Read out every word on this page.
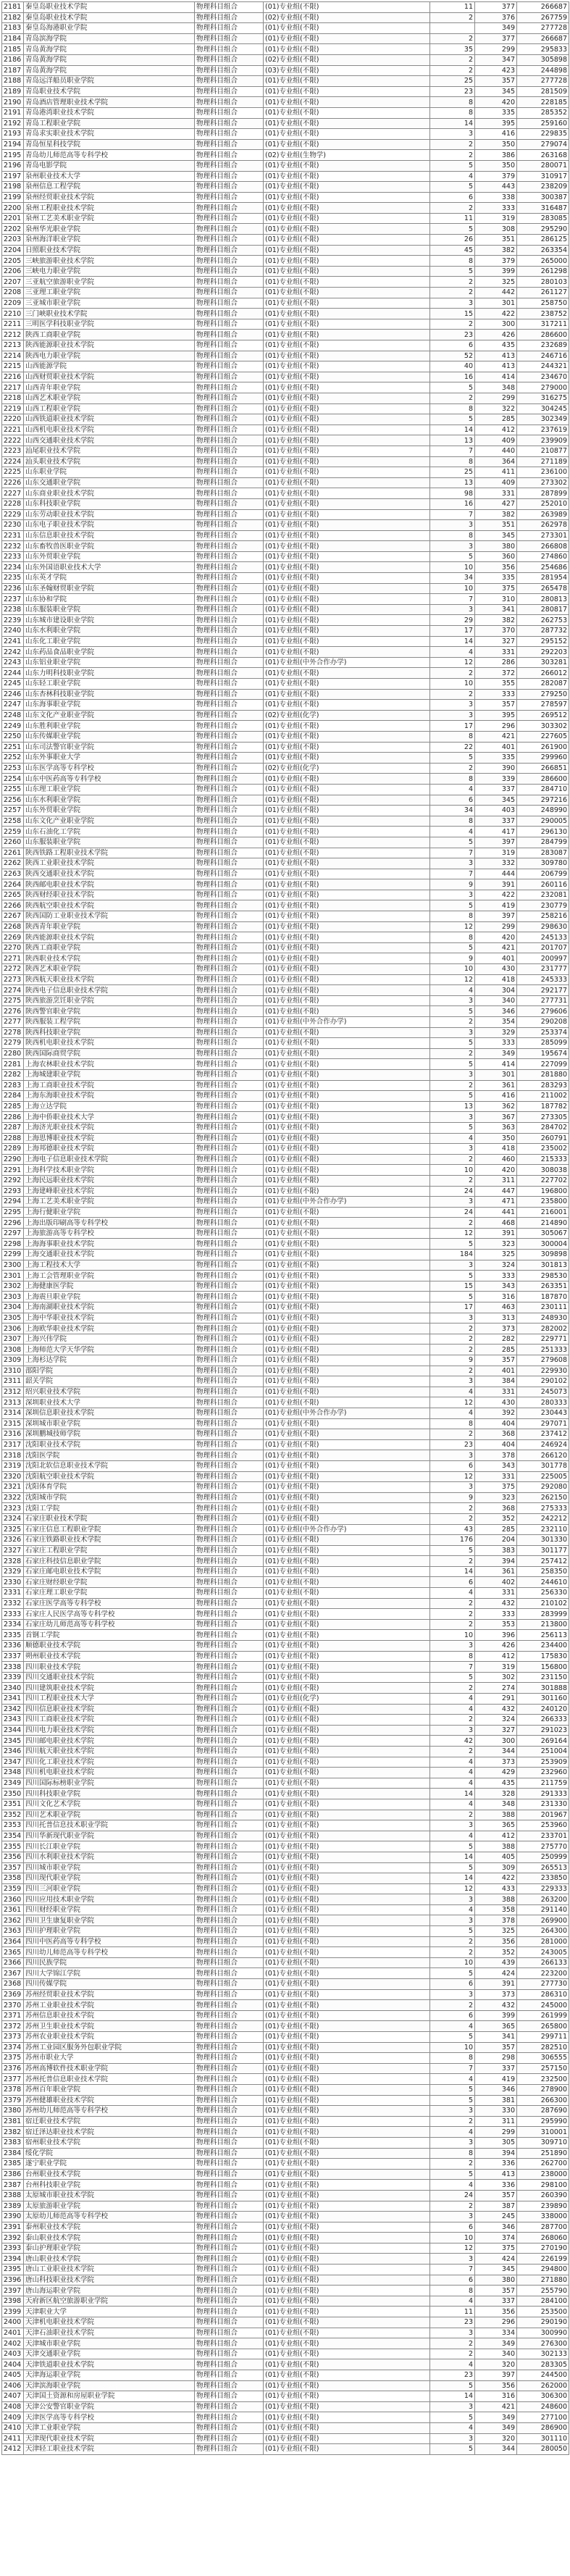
2181	秦皇岛职业技术学院	物理科目组合	(01)专业组(不限)	11	377	266687
2182	秦皇岛职业技术学院	物理科目组合	(02)专业组(不限)	2	376	267759
2183	秦皇岛海港职业学院	物理科目组合	(01)专业组(不限)		349	277728
2184	青岛滨海学院	物理科目组合	(01)专业组(不限)	2	377	266687
2185	青岛黄海学院	物理科目组合	(01)专业组(不限)	35	299	295833
2186	青岛黄海学院	物理科目组合	(02)专业组(不限)	2	347	305898
2187	青岛黄海学院	物理科目组合	(03)专业组(不限)	2	423	244898
2188	青岛远洋船员职业学院	物理科目组合	(01)专业组(不限)	25	357	277728
2189	青岛职业技术学院	物理科目组合	(01)专业组(不限)	23	345	281509
2190	青岛酒店管理职业技术学院	物理科目组合	(01)专业组(不限)	8	420	228185
2191	青岛港湾职业技术学院	物理科目组合	(01)专业组(不限)	8	335	285352
2192	青岛工程职业学院	物理科目组合	(01)专业组(不限)	14	395	259160
2193	青岛求实职业技术学院	物理科目组合	(01)专业组(不限)	3	416	229835
2194	青岛恒星科技学院	物理科目组合	(01)专业组(不限)	2	350	279074
2195	青岛幼儿师范高等专科学校	物理科目组合	(02)专业组(生物学)	2	386	263168
2196	青岛电影学院	物理科目组合	(01)专业组(不限)	5	350	280071
2197	泉州职业技术大学	物理科目组合	(01)专业组(不限)	4	379	310917
2198	泉州信息工程学院	物理科目组合	(01)专业组(不限)	5	443	238209
2199	泉州经贸职业技术学院	物理科目组合	(01)专业组(不限)	6	338	300387
2200	泉州工程职业技术学院	物理科目组合	(01)专业组(不限)	2	333	316487
2201	泉州工艺美术职业学院	物理科目组合	(01)专业组(不限)	11	319	283085
2202	泉州华光职业学院	物理科目组合	(01)专业组(不限)	5	308	295290
2203	泉州海洋职业学院	物理科目组合	(01)专业组(不限)	26	351	286125
2204	日照职业技术学院	物理科目组合	(01)专业组(不限)	45	382	263354
2205	三峡旅游职业技术学院	物理科目组合	(01)专业组(不限)	8	379	265000
2206	三峡电力职业学院	物理科目组合	(01)专业组(不限)	5	399	261298
2207	三亚航空旅游职业学院	物理科目组合	(01)专业组(不限)	2	325	280103
2208	三亚理工职业学院	物理科目组合	(01)专业组(不限)	2	442	261127
2209	三亚城市职业学院	物理科目组合	(01)专业组(不限)	3	301	258750
2210	三门峡职业技术学院	物理科目组合	(01)专业组(不限)	15	422	238752
2211	三明医学科技职业学院	物理科目组合	(01)专业组(不限)	2	300	317211
2212	陕西工商职业学院	物理科目组合	(01)专业组(不限)	23	426	286600
2213	陕西能源职业技术学院	物理科目组合	(01)专业组(不限)	6	435	232689
2214	陕西电力职业学院	物理科目组合	(01)专业组(不限)	52	413	246716
2215	山西能源学院	物理科目组合	(01)专业组(不限)	40	413	244321
2216	山西财贸职业技术学院	物理科目组合	(01)专业组(不限)	16	414	234670
2217	山西青年职业学院	物理科目组合	(01)专业组(不限)	5	348	279000
2218	山西艺术职业学院	物理科目组合	(01)专业组(不限)	2	299	316275
2219	山西工程职业学院	物理科目组合	(01)专业组(不限)	8	322	304245
2220	山西铁道职业技术学院	物理科目组合	(01)专业组(不限)	5	285	302349
2221	山西机电职业技术学院	物理科目组合	(01)专业组(不限)	14	412	237619
2222	山西交通职业技术学院	物理科目组合	(01)专业组(不限)	13	409	239909
2223	汕尾职业技术学院	物理科目组合	(01)专业组(不限)	7	440	210877
2224	汕头职业技术学院	物理科目组合	(01)专业组(不限)	8	364	271189
2225	山东职业学院	物理科目组合	(01)专业组(不限)	25	411	236100
2226	山东交通职业学院	物理科目组合	(01)专业组(不限)	13	409	273302
2227	山东商业职业技术学院	物理科目组合	(01)专业组(不限)	98	331	287899
2228	山东科技职业学院	物理科目组合	(01)专业组(不限)	16	427	252010
2229	山东劳动职业技术学院	物理科目组合	(01)专业组(不限)	7	382	263989
2230	山东电子职业技术学院	物理科目组合	(01)专业组(不限)	3	351	262978
2231	山东信息职业技术学院	物理科目组合	(01)专业组(不限)	8	345	273301
2232	山东畜牧兽医职业学院	物理科目组合	(01)专业组(不限)	3	380	266808
2233	山东外贸职业学院	物理科目组合	(01)专业组(不限)	5	360	274860
2234	山东外国语职业技术大学	物理科目组合	(01)专业组(不限)	10	356	254686
2235	山东英才学院	物理科目组合	(01)专业组(不限)	34	335	281954
2236	山东圣翰财贸职业学院	物理科目组合	(01)专业组(不限)	10	375	265478
2237	山东协和学院	物理科目组合	(01)专业组(不限)	7	310	280813
2238	山东服装职业学院	物理科目组合	(01)专业组(不限)	3	341	280817
2239	山东城市建设职业学院	物理科目组合	(01)专业组(不限)	29	382	262753
2240	山东水利职业学院	物理科目组合	(01)专业组(不限)	17	370	287732
2241	山东化工职业学院	物理科目组合	(01)专业组(不限)	14	327	295152
2242	山东药品食品职业学院	物理科目组合	(01)专业组(不限)	4	331	292203
2243	山东铝业职业学院	物理科目组合	(01)专业组(中外合作办学)	12	286	303281
2244	山东力明科技职业学院	物理科目组合	(01)专业组(不限)	2	372	266012
2245	山东轻工职业学院	物理科目组合	(01)专业组(不限)	10	355	282087
2246	山东杏林科技职业学院	物理科目组合	(01)专业组(不限)	2	333	279250
2247	山东海事职业学院	物理科目组合	(01)专业组(不限)	3	357	278597
2248	山东文化产业职业学院	物理科目组合	(02)专业组(化学)	3	395	269512
2249	山东胜利职业学院	物理科目组合	(01)专业组(不限)	17	296	303302
2250	山东传媒职业学院	物理科目组合	(01)专业组(不限)	8	421	227605
2251	山东司法警官职业学院	物理科目组合	(01)专业组(不限)	22	401	261900
2252	山东外事职业大学	物理科目组合	(01)专业组(不限)	5	335	299960
2253	山东医学高等专科学校	物理科目组合	(02)专业组(化学)	2	390	266851
2254	山东中医药高等专科学校	物理科目组合	(01)专业组(不限)	8	339	286600
2255	山东理工职业学院	物理科目组合	(01)专业组(不限)	4	337	284710
2256	山东水利职业学院	物理科目组合	(01)专业组(不限)	6	345	297216
2257	山东外贸职业学院	物理科目组合	(01)专业组(不限)	34	403	248990
2258	山东文化产业职业学院	物理科目组合	(01)专业组(不限)	8	337	290005
2259	山东石油化工学院	物理科目组合	(01)专业组(不限)	4	417	296130
2260	山东服装职业学院	物理科目组合	(01)专业组(不限)	5	397	284799
2261	陕西铁路工程职业技术学院	物理科目组合	(01)专业组(不限)	7	319	283087
2262	陕西工业职业技术学院	物理科目组合	(01)专业组(不限)	3	332	309780
2263	陕西交通职业技术学院	物理科目组合	(01)专业组(不限)	7	444	206799
2264	陕西邮电职业技术学院	物理科目组合	(01)专业组(不限)	9	391	260116
2265	陕西财经职业技术学院	物理科目组合	(01)专业组(不限)	3	422	232081
2266	陕西航空职业技术学院	物理科目组合	(01)专业组(不限)	5	419	230779
2267	陕西国防工业职业技术学院	物理科目组合	(01)专业组(不限)	8	397	258216
2268	陕西青年职业学院	物理科目组合	(01)专业组(不限)	12	299	298630
2269	陕西能源职业技术学院	物理科目组合	(01)专业组(不限)	8	420	245133
2270	陕西工商职业学院	物理科目组合	(01)专业组(不限)	5	421	201707
2271	陕西职业技术学院	物理科目组合	(01)专业组(不限)	9	401	200997
2272	陕西艺术职业学院	物理科目组合	(01)专业组(不限)	10	430	231777
2273	陕西航天职业技术学院	物理科目组合	(01)专业组(不限)	12	418	245333
2274	陕西电子信息职业技术学院	物理科目组合	(01)专业组(不限)	4	304	292177
2275	陕西旅游烹饪职业学院	物理科目组合	(01)专业组(不限)	3	340	277731
2276	陕西警官职业学院	物理科目组合	(01)专业组(不限)	5	346	279606
2277	陕西服装工程学院	物理科目组合	(01)专业组(中外合作办学)	2	354	290208
2278	陕西科技职业学院	物理科目组合	(01)专业组(不限)	3	329	253374
2279	陕西机电职业技术学院	物理科目组合	(01)专业组(不限)	5	333	285099
2280	陕西国际商贸学院	物理科目组合	(01)专业组(不限)	2	349	195674
2281	上海农林职业技术学院	物理科目组合	(01)专业组(不限)	5	414	227099
2282	上海城建职业学院	物理科目组合	(01)专业组(不限)	3	301	281880
2283	上海工商职业技术学院	物理科目组合	(01)专业组(不限)	2	361	283293
2284	上海东海职业技术学院	物理科目组合	(01)专业组(不限)	5	416	211002
2285	上海立达学院	物理科目组合	(01)专业组(不限)	13	362	187782
2286	上海中侨职业技术大学	物理科目组合	(01)专业组(不限)	3	367	273305
2287	上海济光职业技术学院	物理科目组合	(01)专业组(不限)	5	363	284702
2288	上海思博职业技术学院	物理科目组合	(01)专业组(不限)	4	350	260791
2289	上海邦德职业技术学院	物理科目组合	(01)专业组(不限)	3	418	235002
2290	上海电子信息职业技术学院	物理科目组合	(01)专业组(不限)	2	460	215333
2291	上海科学技术职业学院	物理科目组合	(01)专业组(不限)	10	420	308038
2292	上海民远职业技术学院	物理科目组合	(01)专业组(不限)	2	311	227702
2293	上海建峰职业技术学院	物理科目组合	(01)专业组(不限)	24	447	196800
2294	上海工艺美术职业学院	物理科目组合	(01)专业组(中外合作办学)	3	471	235800
2295	上海行健职业学院	物理科目组合	(01)专业组(不限)	24	441	216001
2296	上海出版印刷高等专科学校	物理科目组合	(01)专业组(不限)	2	468	214890
2297	上海旅游高等专科学校	物理科目组合	(01)专业组(不限)	12	391	305067
2298	上海海事职业技术学院	物理科目组合	(01)专业组(不限)	5	323	300004
2299	上海交通职业技术学院	物理科目组合	(01)专业组(不限)	184	325	309898
2300	上海工程技术大学	物理科目组合	(01)专业组(不限)	3	324	301813
2301	上海工会管理职业学院	物理科目组合	(01)专业组(不限)	5	333	298530
2302	上海健康医学院	物理科目组合	(01)专业组(不限)	15	343	263351
2303	上海震旦职业学院	物理科目组合	(01)专业组(不限)	5	316	187870
2304	上海南湖职业技术学院	物理科目组合	(01)专业组(不限)	17	463	230111
2305	上海中华职业技术学院	物理科目组合	(01)专业组(不限)	3	313	248930
2306	上海欧华职业技术学院	物理科目组合	(01)专业组(不限)	2	373	282002
2307	上海兴伟学院	物理科目组合	(01)专业组(不限)	2	282	229771
2308	上海师范大学天华学院	物理科目组合	(01)专业组(不限)	2	285	251333
2309	上海杉达学院	物理科目组合	(01)专业组(不限)	9	357	279608
2310	邵阳学院	物理科目组合	(01)专业组(不限)	2	401	229930
2311	韶关学院	物理科目组合	(01)专业组(不限)	3	384	290102
2312	绍兴职业技术学院	物理科目组合	(01)专业组(不限)	4	331	245073
2313	深圳职业技术大学	物理科目组合	(01)专业组(不限)	12	430	280333
2314	深圳信息职业技术学院	物理科目组合	(01)专业组(中外合作办学)	4	392	230443
2315	深圳城市职业学院	物理科目组合	(01)专业组(不限)	8	404	297071
2316	深圳鹏城技师学院	物理科目组合	(01)专业组(不限)	2	368	237412
2317	沈阳职业技术学院	物理科目组合	(01)专业组(不限)	23	404	246924
2318	沈阳医学院	物理科目组合	(01)专业组(不限)	3	378	266120
2319	沈阳北软信息职业技术学院	物理科目组合	(01)专业组(不限)	6	343	301778
2320	沈阳航空职业技术学院	物理科目组合	(01)专业组(不限)	12	331	225005
2321	沈阳体育学院	物理科目组合	(01)专业组(不限)	3	375	292080
2322	沈阳城市学院	物理科目组合	(01)专业组(不限)	9	323	262150
2323	沈阳工学院	物理科目组合	(01)专业组(不限)	2	368	275333
2324	石家庄职业技术学院	物理科目组合	(01)专业组(不限)	2	352	242212
2325	石家庄信息工程职业学院	物理科目组合	(01)专业组(中外合作办学)	43	285	232110
2326	石家庄铁路职业技术学院	物理科目组合	(01)专业组(不限)	176	204	301330
2327	石家庄工程职业学院	物理科目组合	(01)专业组(不限)	5	383	301177
2328	石家庄科技信息职业学院	物理科目组合	(01)专业组(不限)	2	394	257412
2329	石家庄邮电职业技术学院	物理科目组合	(01)专业组(不限)	14	361	258350
2330	石家庄财经职业学院	物理科目组合	(01)专业组(不限)	6	402	244610
2331	石家庄理工职业学院	物理科目组合	(01)专业组(不限)	4	331	256330
2332	石家庄医学高等专科学校	物理科目组合	(01)专业组(不限)	2	432	210102
2333	石家庄人民医学高等专科学校	物理科目组合	(01)专业组(不限)	2	333	283999
2334	石家庄幼儿师范高等专科学校	物理科目组合	(01)专业组(不限)	2	353	213800
2335	首钢工学院	物理科目组合	(01)专业组(不限)	10	396	256113
2336	顺德职业技术学院	物理科目组合	(01)专业组(不限)	3	426	234400
2337	朔州职业技术学院	物理科目组合	(01)专业组(不限)	8	412	175830
2338	四川职业技术学院	物理科目组合	(01)专业组(不限)	7	319	156800
2339	四川交通职业技术学院	物理科目组合	(01)专业组(不限)	5	302	231150
2340	四川建筑职业技术学院	物理科目组合	(01)专业组(不限)	2	274	301888
2341	四川工程职业技术大学	物理科目组合	(01)专业组(化学)	4	291	301160
2342	四川信息职业技术学院	物理科目组合	(01)专业组(不限)	4	432	240120
2343	四川工商职业技术学院	物理科目组合	(01)专业组(不限)	2	324	266333
2344	四川电力职业技术学院	物理科目组合	(01)专业组(不限)	3	327	291023
2345	四川邮电职业技术学院	物理科目组合	(01)专业组(不限)	42	300	269164
2346	四川航天职业技术学院	物理科目组合	(01)专业组(不限)	2	344	251004
2347	四川化工职业技术学院	物理科目组合	(01)专业组(不限)	4	373	253909
2348	四川机电职业技术学院	物理科目组合	(01)专业组(不限)	4	429	232960
2349	四川国际标榜职业学院	物理科目组合	(01)专业组(不限)	4	435	211759
2350	四川科技职业学院	物理科目组合	(01)专业组(不限)	14	328	291333
2351	四川文化艺术学院	物理科目组合	(01)专业组(不限)	4	348	231330
2352	四川艺术职业学院	物理科目组合	(01)专业组(不限)	2	388	201967
2353	四川托普信息技术职业学院	物理科目组合	(01)专业组(不限)	3	365	253960
2354	四川华新现代职业学院	物理科目组合	(01)专业组(不限)	4	412	233701
2355	四川长江职业学院	物理科目组合	(01)专业组(不限)	5	388	275770
2356	四川水利职业技术学院	物理科目组合	(01)专业组(不限)	14	405	250999
2357	四川城市职业学院	物理科目组合	(01)专业组(不限)	5	309	265513
2358	四川现代职业学院	物理科目组合	(01)专业组(不限)	14	422	233850
2359	四川三河职业学院	物理科目组合	(01)专业组(不限)	12	433	229333
2360	四川应用技术职业学院	物理科目组合	(01)专业组(不限)	3	388	263200
2361	四川财经职业学院	物理科目组合	(01)专业组(不限)	4	358	291140
2362	四川卫生康复职业学院	物理科目组合	(01)专业组(不限)	3	378	269900
2363	四川护理职业学院	物理科目组合	(01)专业组(不限)	5	325	264300
2364	四川中医药高等专科学校	物理科目组合	(01)专业组(不限)	2	356	281000
2365	四川幼儿师范高等专科学校	物理科目组合	(01)专业组(不限)	2	352	243005
2366	四川民族学院	物理科目组合	(01)专业组(不限)	10	439	266133
2367	四川大学锦江学院	物理科目组合	(01)专业组(不限)	5	424	223200
2368	四川传媒学院	物理科目组合	(01)专业组(不限)	6	391	277730
2369	苏州经贸职业技术学院	物理科目组合	(01)专业组(不限)	3	373	286310
2370	苏州工业职业技术学院	物理科目组合	(01)专业组(不限)	2	432	245000
2371	苏州信息职业技术学院	物理科目组合	(01)专业组(不限)	6	399	261999
2372	苏州卫生职业技术学院	物理科目组合	(01)专业组(不限)	4	365	265800
2373	苏州农业职业技术学院	物理科目组合	(01)专业组(不限)	5	341	299711
2374	苏州工业园区服务外包职业学院	物理科目组合	(01)专业组(不限)	10	357	282510
2375	苏州市职业大学	物理科目组合	(01)专业组(不限)	8	298	306555
2376	苏州高博软件技术职业学院	物理科目组合	(01)专业组(不限)	7	337	257150
2377	苏州托普信息职业技术学院	物理科目组合	(01)专业组(不限)	4	419	232500
2378	苏州百年职业学院	物理科目组合	(01)专业组(不限)	5	346	278900
2379	苏州健雄职业技术学院	物理科目组合	(01)专业组(不限)	5	381	266300
2380	苏州幼儿师范高等专科学校	物理科目组合	(01)专业组(不限)	3	330	287690
2381	宿迁职业技术学院	物理科目组合	(01)专业组(不限)	2	311	295990
2382	宿迁泽达职业技术学院	物理科目组合	(01)专业组(不限)	4	299	310001
2383	宿州职业技术学院	物理科目组合	(01)专业组(不限)	3	305	309710
2384	绥化学院	物理科目组合	(01)专业组(不限)	8	394	251890
2385	遂宁职业学院	物理科目组合	(01)专业组(不限)	2	336	262700
2386	台州职业技术学院	物理科目组合	(01)专业组(不限)	5	413	238000
2387	台州科技职业学院	物理科目组合	(01)专业组(不限)	4	336	298100
2388	太原城市职业技术学院	物理科目组合	(01)专业组(不限)	24	357	260390
2389	太原旅游职业学院	物理科目组合	(01)专业组(不限)	2	387	239890
2390	太原幼儿师范高等专科学校	物理科目组合	(01)专业组(不限)	3	245	338000
2391	泰州职业技术学院	物理科目组合	(01)专业组(不限)	6	346	287700
2392	泰山职业技术学院	物理科目组合	(01)专业组(不限)	10	374	268060
2393	泰山护理职业学院	物理科目组合	(01)专业组(不限)	12	375	270190
2394	唐山职业技术学院	物理科目组合	(01)专业组(不限)	3	424	226199
2395	唐山工业职业技术学院	物理科目组合	(01)专业组(不限)	7	345	294800
2396	唐山科技职业技术学院	物理科目组合	(01)专业组(不限)	6	380	271880
2397	唐山海运职业学院	物理科目组合	(01)专业组(不限)	8	357	255790
2398	天府新区航空旅游职业学院	物理科目组合	(01)专业组(不限)	4	337	284100
2399	天津职业大学	物理科目组合	(01)专业组(不限)	11	356	253500
2400	天津机电职业技术学院	物理科目组合	(01)专业组(不限)	23	296	290190
2401	天津石油职业技术学院	物理科目组合	(01)专业组(不限)	3	334	300990
2402	天津城市职业学院	物理科目组合	(01)专业组(不限)	2	349	276300
2403	天津交通职业学院	物理科目组合	(01)专业组(不限)	2	340	302133
2404	天津铁道职业技术学院	物理科目组合	(01)专业组(不限)	4	320	283305
2405	天津海运职业学院	物理科目组合	(01)专业组(不限)	23	397	244500
2406	天津滨海职业学院	物理科目组合	(01)专业组(不限)	5	356	262000
2407	天津国土资源和房屋职业学院	物理科目组合	(01)专业组(不限)	14	316	306300
2408	天津公安警官职业学院	物理科目组合	(01)专业组(不限)	3	421	248600
2409	天津医学高等专科学校	物理科目组合	(01)专业组(不限)	5	349	277100
2410	天津工业职业学院	物理科目组合	(01)专业组(不限)	4	349	286900
2411	天津现代职业技术学院	物理科目组合	(01)专业组(不限)	3	320	301110
2412	天津轻工职业技术学院	物理科目组合	(01)专业组(不限)	5	344	280050
